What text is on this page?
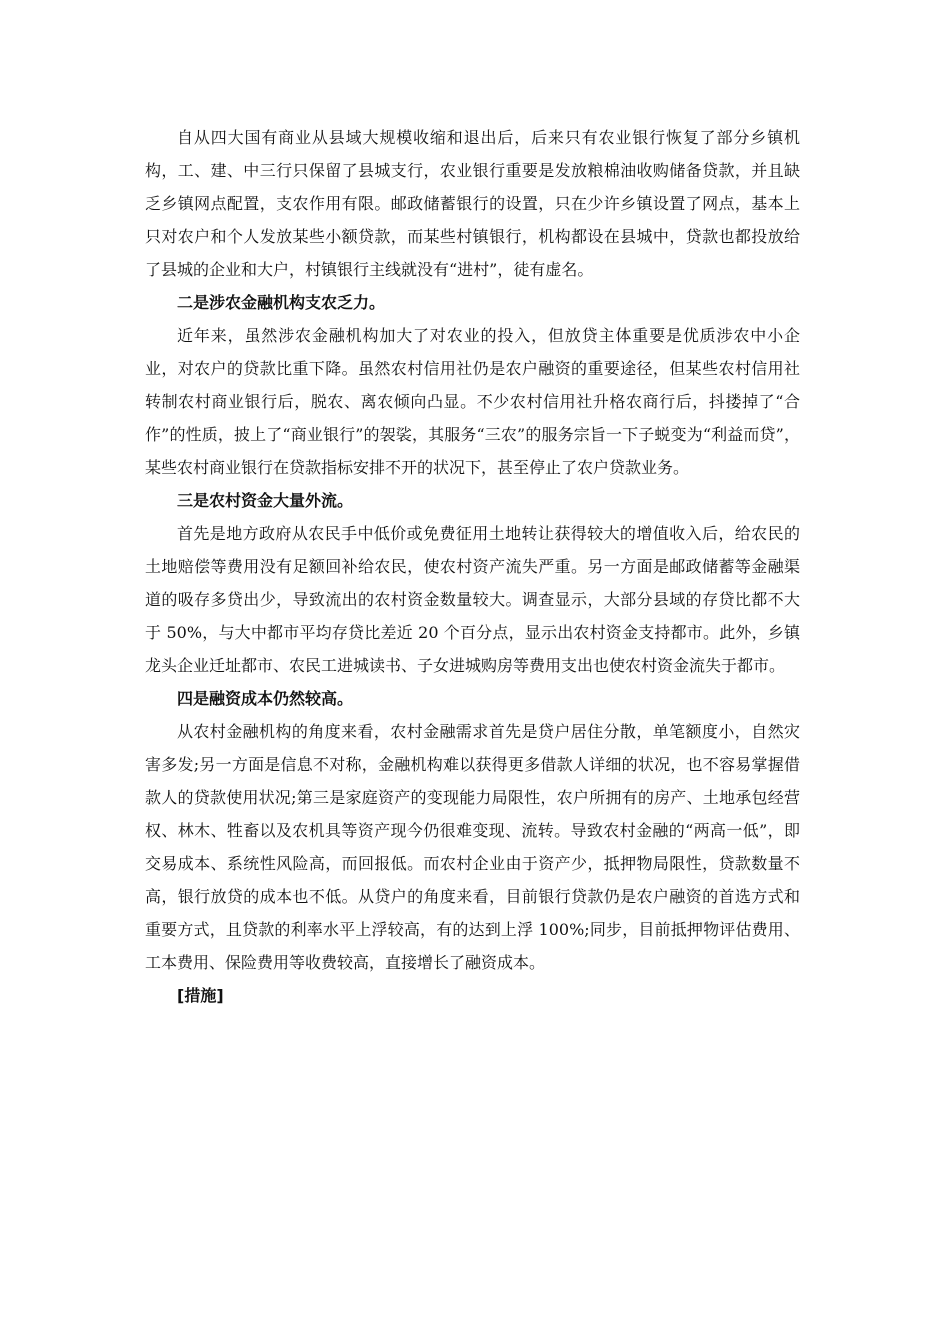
自从四大国有商业从县域大规模收缩和退出后，后来只有农业银行恢复了部分乡镇机构，工、建、中三行只保留了县城支行，农业银行重要是发放粮棉油收购储备贷款，并且缺乏乡镇网点配置，支农作用有限。邮政储蓄银行的设置，只在少许乡镇设置了网点，基本上只对农户和个人发放某些小额贷款，而某些村镇银行，机构都设在县城中，贷款也都投放给了县城的企业和大户，村镇银行主线就没有“进村”，徒有虚名。

二是涉农金融机构支农乏力。

近年来，虽然涉农金融机构加大了对农业的投入，但放贷主体重要是优质涉农中小企业，对农户的贷款比重下降。虽然农村信用社仍是农户融资的重要途径，但某些农村信用社转制农村商业银行后，脱农、离农倾向凸显。不少农村信用社升格农商行后，抖搂掉了“合作”的性质，披上了“商业银行”的袈裟，其服务“三农”的服务宗旨一下子蜕变为“利益而贷”，某些农村商业银行在贷款指标安排不开的状况下，甚至停止了农户贷款业务。

三是农村资金大量外流。

首先是地方政府从农民手中低价或免费征用土地转让获得较大的增值收入后，给农民的土地赔偿等费用没有足额回补给农民，使农村资产流失严重。另一方面是邮政储蓄等金融渠道的吸存多贷出少，导致流出的农村资金数量较大。调查显示，大部分县域的存贷比都不大于 50%，与大中都市平均存贷比差近 20 个百分点，显示出农村资金支持都市。此外，乡镇龙头企业迁址都市、农民工进城读书、子女进城购房等费用支出也使农村资金流失于都市。

四是融资成本仍然较高。

从农村金融机构的角度来看，农村金融需求首先是贷户居住分散，单笔额度小，自然灾害多发;另一方面是信息不对称，金融机构难以获得更多借款人详细的状况，也不容易掌握借款人的贷款使用状况;第三是家庭资产的变现能力局限性，农户所拥有的房产、土地承包经营权、林木、牲畜以及农机具等资产现今仍很难变现、流转。导致农村金融的“两高一低”，即交易成本、系统性风险高，而回报低。而农村企业由于资产少，抵押物局限性，贷款数量不高，银行放贷的成本也不低。从贷户的角度来看，目前银行贷款仍是农户融资的首选方式和重要方式，且贷款的利率水平上浮较高，有的达到上浮 100%;同步，目前抵押物评估费用、工本费用、保险费用等收费较高，直接增长了融资成本。

[措施]
